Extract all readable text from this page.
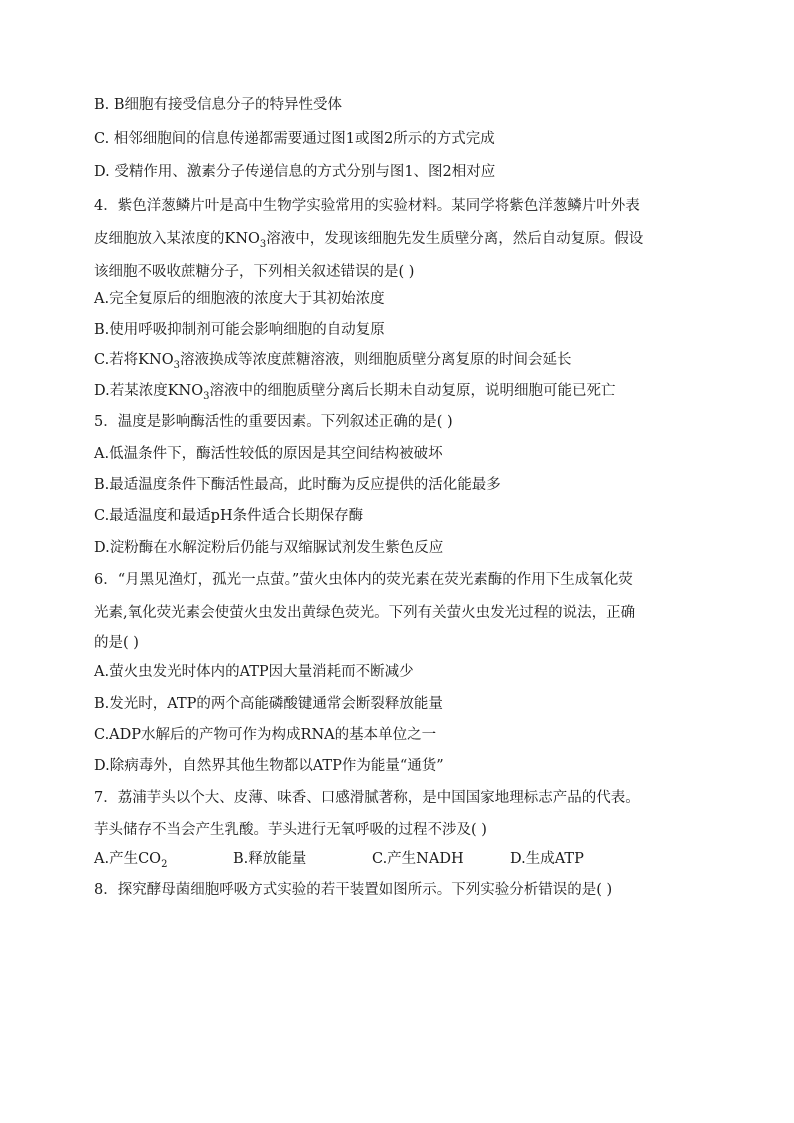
B. B细胞有接受信息分子的特异性受体
C. 相邻细胞间的信息传递都需要通过图1或图2所示的方式完成
D. 受精作用、激素分子传递信息的方式分别与图1、图2相对应
4．紫色洋葱鳞片叶是高中生物学实验常用的实验材料。某同学将紫色洋葱鳞片叶外表
皮细胞放入某浓度的$KNO_3$溶液中，发现该细胞先发生质壁分离，然后自动复原。假设
该细胞不吸收蔗糖分子，下列相关叙述错误的是( )
A.完全复原后的细胞液的浓度大于其初始浓度
B.使用呼吸抑制剂可能会影响细胞的自动复原
C.若将$KNO_3$溶液换成等浓度蔗糖溶液，则细胞质壁分离复原的时间会延长
D.若某浓度$KNO_3$溶液中的细胞质壁分离后长期未自动复原，说明细胞可能已死亡
5．温度是影响酶活性的重要因素。下列叙述正确的是( )
A.低温条件下，酶活性较低的原因是其空间结构被破坏
B.最适温度条件下酶活性最高，此时酶为反应提供的活化能最多
C.最适温度和最适pH条件适合长期保存酶
D.淀粉酶在水解淀粉后仍能与双缩脲试剂发生紫色反应
6．“月黑见渔灯，孤光一点萤。”萤火虫体内的荧光素在荧光素酶的作用下生成氧化荧
光素,氧化荧光素会使萤火虫发出黄绿色荧光。下列有关萤火虫发光过程的说法，正确
的是( )
A.萤火虫发光时体内的ATP因大量消耗而不断减少
B.发光时，ATP的两个高能磷酸键通常会断裂释放能量
C.ADP水解后的产物可作为构成RNA的基本单位之一
D.除病毒外，自然界其他生物都以ATP作为能量“通货”
7．荔浦芋头以个大、皮薄、味香、口感滑腻著称，是中国国家地理标志产品的代表。
芋头储存不当会产生乳酸。芋头进行无氧呼吸的过程不涉及( )
A.产生$CO_2$	B.释放能量	C.产生NADH	D.生成ATP
8．探究酵母菌细胞呼吸方式实验的若干装置如图所示。下列实验分析错误的是( )
